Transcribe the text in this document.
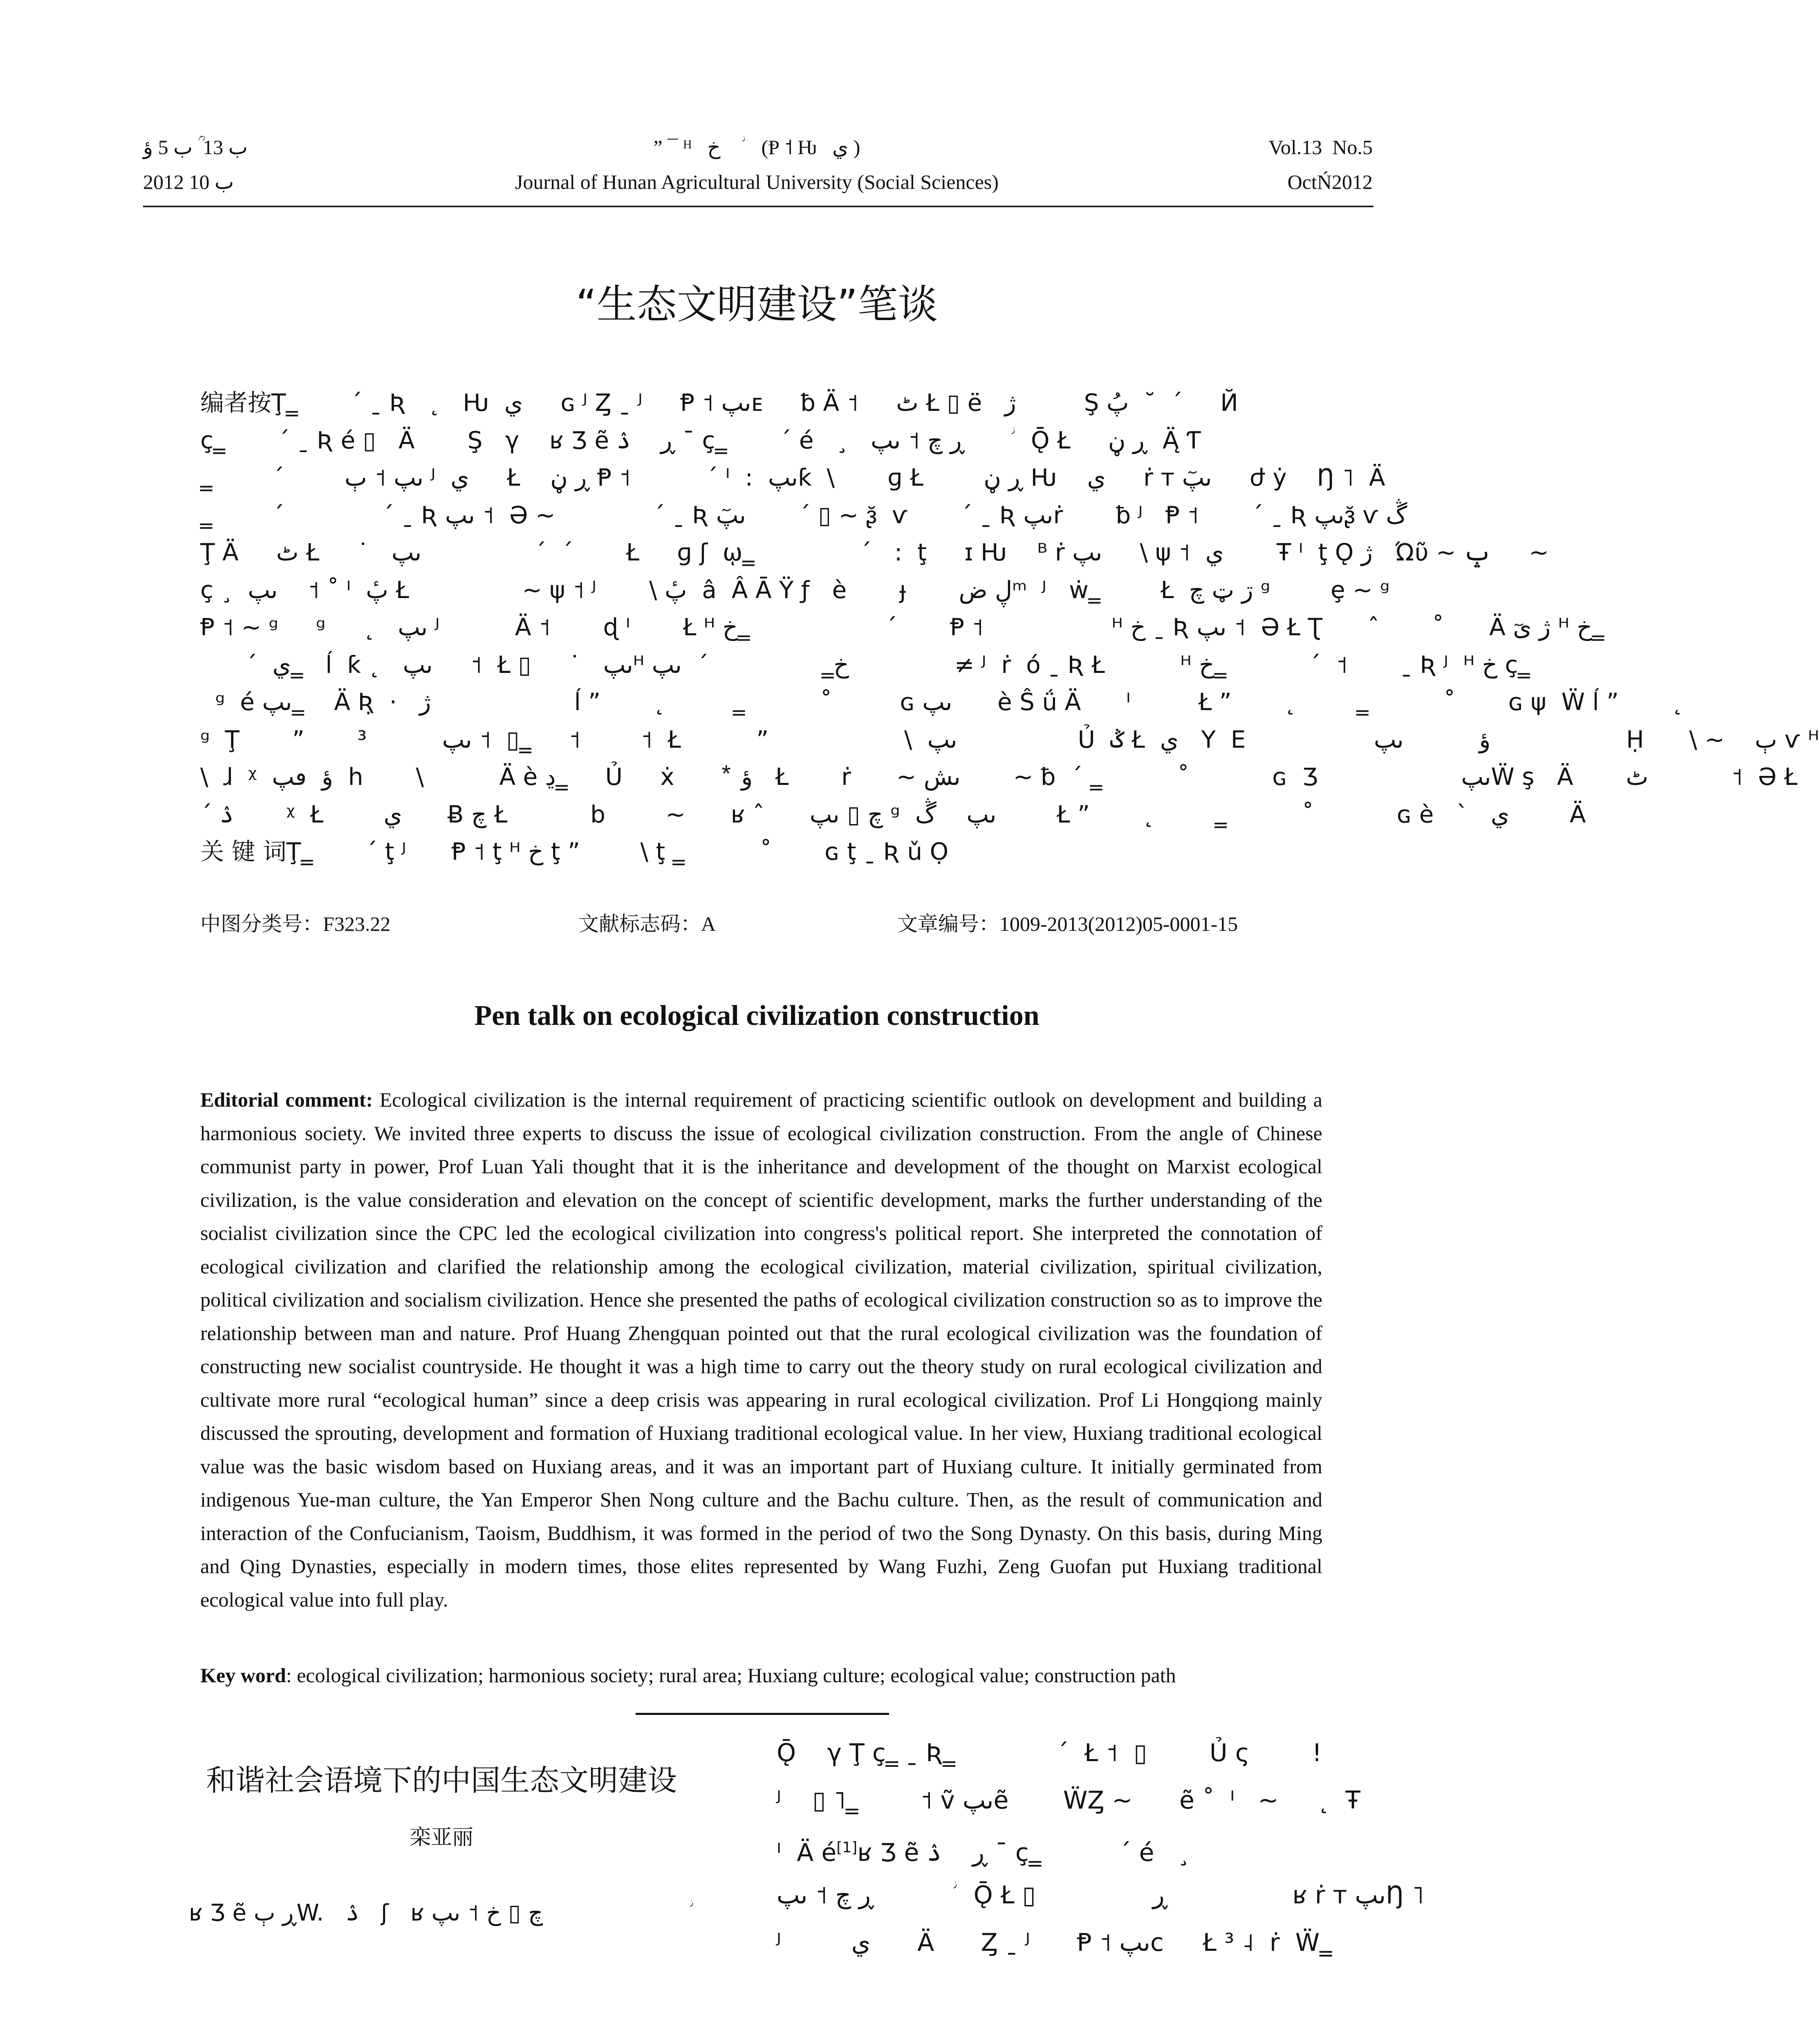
ب 13 ؒ ب 5 ؤ
2012 ب 10
” ¯ ᴴ   خ     ؗ   (Ᵽ ˦ Ƕ   ي )
Journal of Hunan Agricultural University (Social Sciences)
Vol.13  No.5
OctŃ2012
“生态文明建设”笔谈
编者按Ţ‗       ˊ ˍ Ʀ   ˛   Ƕ  ي     ɢ ᴶ Ȥ ˍ ᴶ     Ᵽ ˦ ىپᴇ     ƀ Ä ˦     ٹ Ł ▯ ë   ژ         Ş پُ  ˘  ˊ     Й
ç‗       ˊ ˍ Ʀ é ▯   Ä       Ş   γ    ʁ Ʒ ẽ ڕ    ۮ ¯ ç‗       ˊ é   ¸   ڕ چ ˦ ىپ       ؗ  Ǭ Ł     ڕ ڼ  Ą̈ Ƭ
‗        ˊ        ىپ ˦ ٻ ᴶ  ي     Ł    ڕ ڼ Ᵽ ˦          ˊ ᴵ  :  ىپƙ  \       ɡ Ł        ڕ ڼ Ƕ    ي     ṙ ᴛ ىپٓ     ժ ẏ    Ŋ ˥  Ä
‗        ˊ             ˊ ˍ Ʀ ىپ ˦  Ə ~             ˊ ˍ Ʀ ىپٓ       ˊ ▯ ~ ᶔ̆  ѵ       ˊ ˍ Ʀ ىپṙ       ƀ ᴶ   Ᵽ ˦       ˊ ˍ Ʀ ىپᶔ̆ ѵ ڴ
Ţ Ä     ٹ Ł     ˙   ىپ               ˊ  ˊ       Ł     ɡ ʃ  ῳ‗              ˊ   :  ţ     ɪ Ƕ    ᴮ ṙ ىپ     \ ψ ˦  ي       Ŧ ᴵ  ţ Ǫ ژ   Ώῦ ~ ݒ     ~
ç ¸  ىپ    ˦ ˚ ᴵ  پٔ Ł               ~ ψ ˦ ᴶ       \ پٔ  â  Â Ā Ϋ ƒ   è       ɟ       ڸ ضᵐ  ᴶ   ẇ‗        Ł  ڗ ټ چ ᵍ        ȩ ~ ᵍ
Ᵽ ˦ ~ ᵍ     ᵍ     ˛   ىپ ᴶ          Ä ˦       ɖ ᴵ       Ł ᴴ خ‗                  ˊ       Ᵽ ˦                 ᴴ خ ˍ Ʀ ىپ ˦  Ə Ł Ʈ      ˆ       ˚      Ä ژ ىٓ ᴴ خ‗
ˊ  ي‗   ĺ  ƙ ˛   ىپ     ˦  Ł ▯     ˙   ىپᴴ خ‗               ˊ  ىپ              ≠ ᴶ  ṙ  ó ˍ Ʀ Ł          ᴴ خ‗           ˊ  ˦       ˍ Ʀ ᴶ  ᴴ خ ç‗
ᵍ  é ىپ‗    Ä Ʀ̣  ·   ژ                   ĺ ”       ˛         ‗          ˚         ɢ ىپ      è Ŝ ǘ Ä      ᴵ         Ł ”       ˛        ‗          ˚       ɢ ψ  Ẅ ĺ ”       ˛
ᵍ  Ţ       ”       ³          ىپ ˦  ▯‗     ˦        ˦  Ł          ”                  \  ىپ                Ủ  ݣ Ł  ي   Y  E                 ؤ          ىپ                  Ḥ      \ ~    ٻ ѵ ᴴ
\  ɺ  ᵡ  ؤ  ٯپ  h       \          Ä è ڍ‗     Ủ     ẋ       ⃰  ؤ   Ł       ṙ      ~ ىش       ~ ƀ  ˊ ‗          ˚           ɢ  Ʒ                   ىپẄ ş   Ä       ٹ           ˦  Ə Ł
ˊ ۮ       ᵡ  Ł        ي      Ƀ چ Ł           b        ~      ʁ ˆ      چ ▯ ىپ ᵍ  ىپ    ڴ        Ł ”       ˛        ‗          ˚           ɢ è   ˋ   ي        Ä
关 键 词Ţ‗       ˊ ţ ᴶ      Ᵽ ˦ ţ ᴴ خ ţ ”        \ ţ ‗          ˚       ɢ ţ ˍ Ʀ ǔ Ọ
中图分类号：F323.22	文献标志码：A	文章编号：1009-2013(2012)05-0001-15
Pen talk on ecological civilization construction
Editorial comment: Ecological civilization is the internal requirement of practicing scientific outlook on development and building a harmonious society. We invited three experts to discuss the issue of ecological civilization construction. From the angle of Chinese communist party in power, Prof Luan Yali thought that it is the inheritance and development of the thought on Marxist ecological civilization, is the value consideration and elevation on the concept of scientific development, marks the further understanding of the socialist civilization since the CPC led the ecological civilization into congress's political report. She interpreted the connotation of ecological civilization and clarified the relationship among the ecological civilization, material civilization, spiritual civilization, political civilization and socialism civilization. Hence she presented the paths of ecological civilization construction so as to improve the relationship between man and nature. Prof Huang Zhengquan pointed out that the rural ecological civilization was the foundation of constructing new socialist countryside. He thought it was a high time to carry out the theory study on rural ecological civilization and cultivate more rural “ecological human” since a deep crisis was appearing in rural ecological civilization. Prof Li Hongqiong mainly discussed the sprouting, development and formation of Huxiang traditional ecological value. In her view, Huxiang traditional ecological value was the basic wisdom based on Huxiang areas, and it was an important part of Huxiang culture. It initially germinated from indigenous Yue-man culture, the Yan Emperor Shen Nong culture and the Bachu culture. Then, as the result of communication and interaction of the Confucianism, Taoism, Buddhism, it was formed in the period of two the Song Dynasty. On this basis, during Ming and Qing Dynasties, especially in modern times, those elites represented by Wang Fuzhi, Zeng Guofan put Huxiang traditional ecological value into full play.
Key word: ecological civilization; harmonious society; rural area; Huxiang culture; ecological value; construction path
和谐社会语境下的中国生态文明建设
栾亚丽
ʁ Ʒ ẽ ڕ ٻW.   ۮ   ʃ   ʁ چ ▯ خ ˦ ىپ                     ؗ
Ǭ    γ Ţ ç‗ ˍ Ʀ‗             ˊ  Ł ˦  ▯        Ủ ς        !
ᴶ    ▯ ˥‗        ˦ ṽ ىپẽ       ẄȤ ~      ẽ ˚  ᴵ   ~     ˛  Ŧ
ᴵ  Ä é[1]ʁ Ʒ ẽ ڕ    ۮ ¯ ç‗          ˊ é   ¸
ڕ چ ˦ ىپ           ؗ  Ǭ Ł ▯               ڕ                ʁ ṙ ᴛ ىپŊ ˥
ᴶ         ي      Ä      Ȥ ˍ ᴶ      Ᵽ ˦ ىپc     Ł ³ ˨  ṙ  Ẅ‗
